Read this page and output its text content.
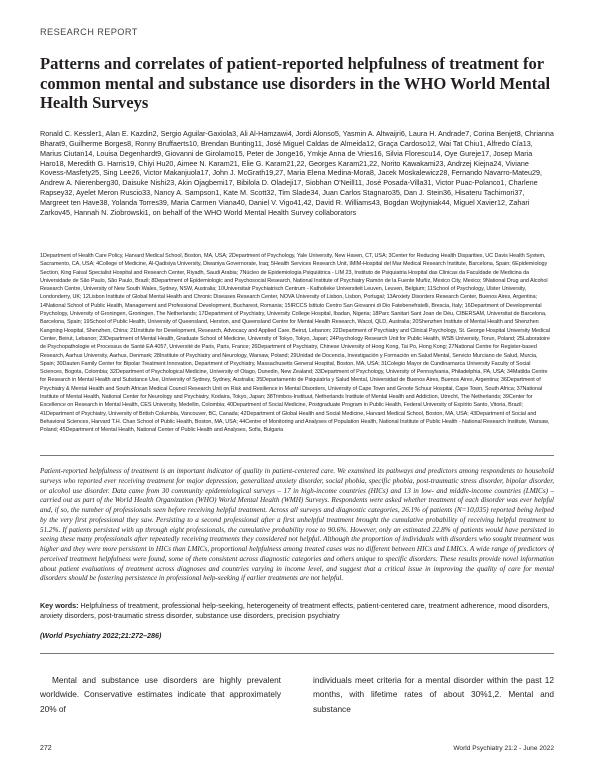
RESEARCH REPORT
Patterns and correlates of patient-reported helpfulness of treatment for common mental and substance use disorders in the WHO World Mental Health Surveys
Ronald C. Kessler1, Alan E. Kazdin2, Sergio Aguilar-Gaxiola3, Ali Al-Hamzawi4, Jordi Alonso5, Yasmin A. Altwaijri6, Laura H. Andrade7, Corina Benjet8, Chrianna Bharat9, Guilherme Borges8, Ronny Bruffaerts10, Brendan Bunting11, José Miguel Caldas de Almeida12, Graça Cardoso12, Wai Tat Chiu1, Alfredo Cía13, Marius Ciutan14, Louisa Degenhardt9, Giovanni de Girolamo15, Peter de Jonge16, Ymkje Anna de Vries16, Silvia Florescu14, Oye Gureje17, Josep Maria Haro18, Meredith G. Harris19, Chiyi Hu20, Aimee N. Karam21, Elie G. Karam21,22, Georges Karam21,22, Norito Kawakami23, Andrzej Kiejna24, Viviane Kovess-Masfety25, Sing Lee26, Victor Makanjuola17, John J. McGrath19,27, Maria Elena Medina-Mora8, Jacek Moskalewicz28, Fernando Navarro-Mateu29, Andrew A. Nierenberg30, Daisuke Nishi23, Akin Ojagbemi17, Bibilola D. Oladeji17, Siobhan O'Neill11, José Posada-Villa31, Victor Puac-Polanco1, Charlene Rapsey32, Ayelet Meron Ruscio33, Nancy A. Sampson1, Kate M. Scott32, Tim Slade34, Juan Carlos Stagnaro35, Dan J. Stein36, Hisateru Tachimori37, Margreet ten Have38, Yolanda Torres39, Maria Carmen Viana40, Daniel V. Vigo41,42, David R. Williams43, Bogdan Wojtyniak44, Miguel Xavier12, Zahari Zarkov45, Hannah N. Ziobrowski1, on behalf of the WHO World Mental Health Survey collaborators
1Department of Health Care Policy, Harvard Medical School, Boston, MA, USA; 2Department of Psychology, Yale University, New Haven, CT, USA; 3Center for Reducing Health Disparities, UC Davis Health System, Sacramento, CA, USA; 4College of Medicine, Al-Qadisiya University, Diwaniya Governorate, Iraq; 5Health Services Research Unit, IMIM-Hospital del Mar Medical Research Institute, Barcelona, Spain; 6Epidemiology Section, King Faisal Specialist Hospital and Research Center, Riyadh, Saudi Arabia; 7Núcleo de Epidemiologia Psiquiátrica - LIM 23, Instituto de Psiquiatria Hospital das Clinicas da Faculdade de Medicina da Universidade de São Paulo, São Paulo, Brazil; 8Department of Epidemiologic and Psychosocial Research, National Institute of Psychiatry Ramón de la Fuente Muñiz, Mexico City, Mexico; 9National Drug and Alcohol Research Centre, University of New South Wales, Sydney, NSW, Australia; 10Universitair Psychiatrisch Centrum - Katholieke Universiteit Leuven, Leuven, Belgium; 11School of Psychology, Ulster University, Londonderry, UK; 12Lisbon Institute of Global Mental Health and Chronic Diseases Research Center, NOVA University of Lisbon, Lisbon, Portugal; 13Anxiety Disorders Research Center, Buenos Aires, Argentina; 14National School of Public Health, Management and Professional Development, Bucharest, Romania; 15IRCCS Istituto Centro San Giovanni di Dio Fatebenefratelli, Brescia, Italy; 16Department of Developmental Psychology, University of Groningen, Groningen, The Netherlands; 17Department of Psychiatry, University College Hospital, Ibadan, Nigeria; 18Parc Sanitari Sant Joan de Déu, CIBERSAM, Universitat de Barcelona, Barcelona, Spain; 19School of Public Health, University of Queensland, Herston, and Queensland Centre for Mental Health Research, Wacol, QLD, Australia; 20Shenzhen Institute of Mental Health and Shenzhen Kangning Hospital, Shenzhen, China; 21Institute for Development, Research, Advocacy and Applied Care, Beirut, Lebanon; 22Department of Psychiatry and Clinical Psychology, St. George Hospital University Medical Center, Beirut, Lebanon; 23Department of Mental Health, Graduate School of Medicine, University of Tokyo, Tokyo, Japan; 24Psychology Research Unit for Public Health, WSB University, Torun, Poland; 25Laboratoire de Psychopathologie et Processus de Santé EA 4057, Université de Paris, Paris, France; 26Department of Psychiatry, Chinese University of Hong Kong, Tai Po, Hong Kong; 27National Centre for Register-based Research, Aarhus University, Aarhus, Denmark; 28Institute of Psychiatry and Neurology, Warsaw, Poland; 29Unidad de Docencia, Investigación y Formación en Salud Mental, Servicio Murciano de Salud, Murcia, Spain; 30Dauten Family Center for Bipolar Treatment Innovation, Department of Psychiatry, Massachusetts General Hospital, Boston, MA, USA; 31Colegio Mayor de Cundinamarca University Faculty of Social Sciences, Bogota, Colombia; 32Department of Psychological Medicine, University of Otago, Dunedin, New Zealand; 33Department of Psychology, University of Pennsylvania, Philadelphia, PA, USA; 34Matilda Centre for Research in Mental Health and Substance Use, University of Sydney, Sydney, Australia; 35Departamento de Psiquiatría y Salud Mental, Universidad de Buenos Aires, Buenos Aires, Argentina; 36Department of Psychiatry & Mental Health and South African Medical Council Research Unit on Risk and Resilience in Mental Disorders, University of Cape Town and Groote Schuur Hospital, Cape Town, South Africa; 37National Institute of Mental Health, National Center for Neurology and Psychiatry, Kodaira, Tokyo, Japan; 38Trimbos-Instituut, Netherlands Institute of Mental Health and Addiction, Utrecht, The Netherlands; 39Center for Excellence on Research in Mental Health, CES University, Medellin, Colombia; 40Department of Social Medicine, Postgraduate Program in Public Health, Federal University of Espírito Santo, Vitoria, Brazil; 41Department of Psychiatry, University of British Columbia, Vancouver, BC, Canada; 42Department of Global Health and Social Medicine, Harvard Medical School, Boston, MA, USA; 43Department of Social and Behavioral Sciences, Harvard T.H. Chan School of Public Health, Boston, MA, USA; 44Centre of Monitoring and Analyses of Population Health, National Institute of Public Health - National Research Institute, Warsaw, Poland; 45Department of Mental Health, National Center of Public Health and Analyses, Sofia, Bulgaria
Patient-reported helpfulness of treatment is an important indicator of quality in patient-centered care. We examined its pathways and predictors among respondents to household surveys who reported ever receiving treatment for major depression, generalized anxiety disorder, social phobia, specific phobia, post-traumatic stress disorder, bipolar disorder, or alcohol use disorder. Data came from 30 community epidemiological surveys – 17 in high-income countries (HICs) and 13 in low- and middle-income countries (LMICs) – carried out as part of the World Health Organization (WHO) World Mental Health (WMH) Surveys. Respondents were asked whether treatment of each disorder was ever helpful and, if so, the number of professionals seen before receiving helpful treatment. Across all surveys and diagnostic categories, 26.1% of patients (N=10,035) reported being helped by the very first professional they saw. Persisting to a second professional after a first unhelpful treatment brought the cumulative probability of receiving helpful treatment to 51.2%. If patients persisted with up through eight professionals, the cumulative probability rose to 90.6%. However, only an estimated 22.8% of patients would have persisted in seeing these many professionals after repeatedly receiving treatments they considered not helpful. Although the proportion of individuals with disorders who sought treatment was higher and they were more persistent in HICs than LMICs, proportional helpfulness among treated cases was no different between HICs and LMICs. A wide range of predictors of perceived treatment helpfulness were found, some of them consistent across diagnostic categories and others unique to specific disorders. These results provide novel information about patient evaluations of treatment across diagnoses and countries varying in income level, and suggest that a critical issue in improving the quality of care for mental disorders should be fostering persistence in professional help-seeking if earlier treatments are not helpful.
Key words: Helpfulness of treatment, professional help-seeking, heterogeneity of treatment effects, patient-centered care, treatment adherence, mood disorders, anxiety disorders, post-traumatic stress disorder, substance use disorders, precision psychiatry
(World Psychiatry 2022;21:272–286)
Mental and substance use disorders are highly prevalent worldwide. Conservative estimates indicate that approximately 20% of
individuals meet criteria for a mental disorder within the past 12 months, with lifetime rates of about 30%1,2. Mental and substance
272	World Psychiatry 21:2 - June 2022
